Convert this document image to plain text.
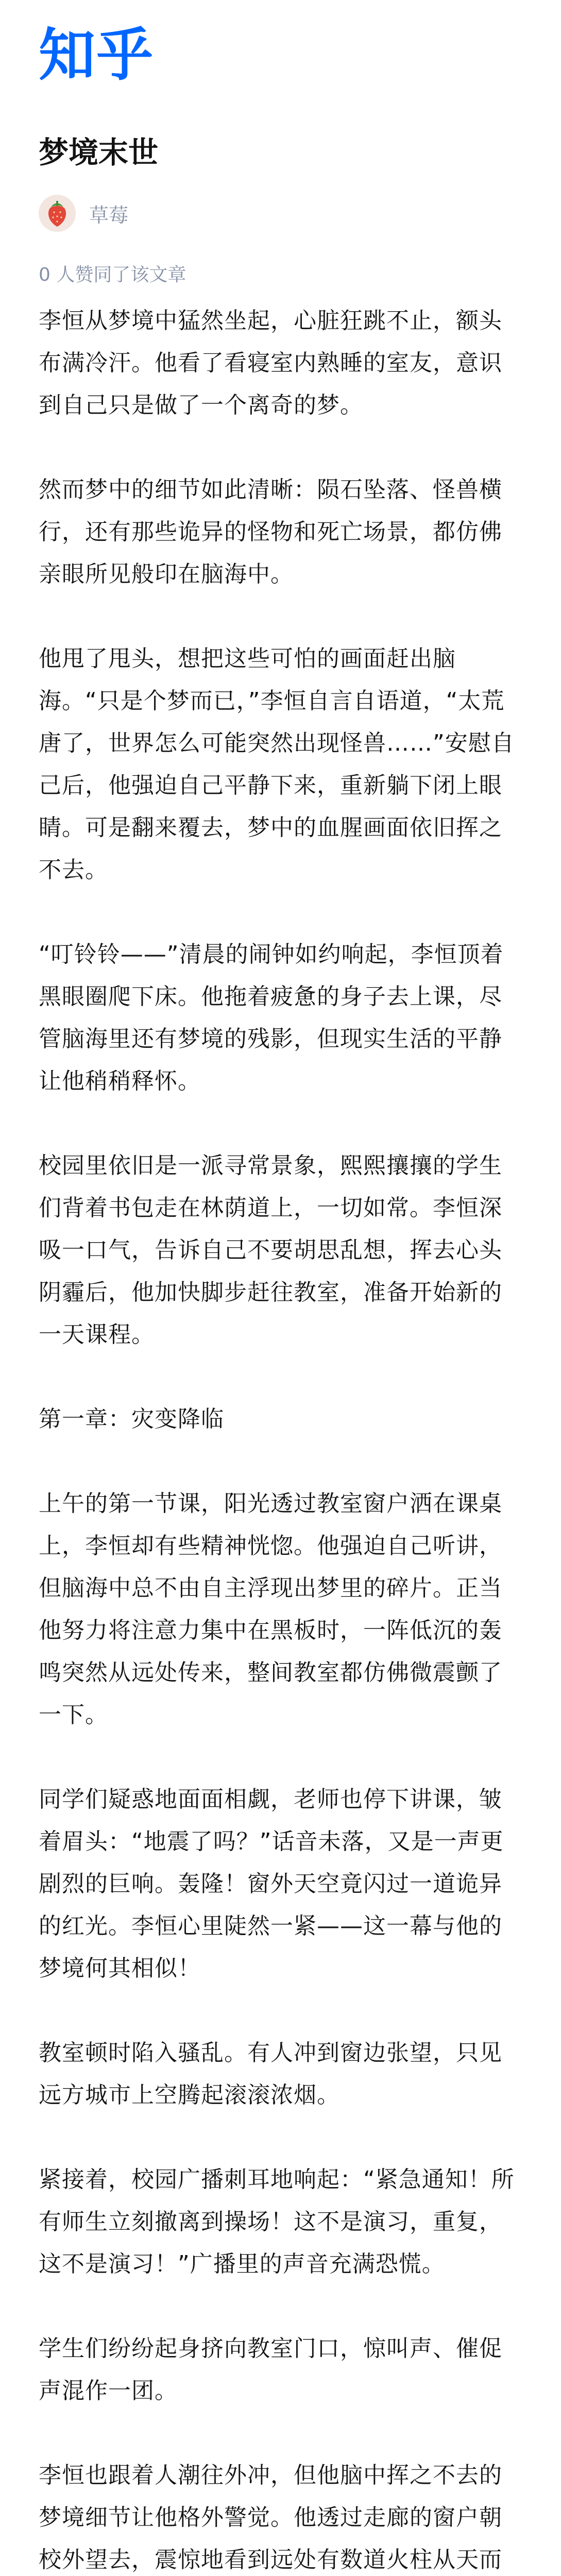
知乎
梦境末世
草莓
0 人赞同了该文章

李恒从梦境中猛然坐起，心脏狂跳不止，额头布满冷汗。他看了看寝室内熟睡的室友，意识到自己只是做了一个离奇的梦。

然而梦中的细节如此清晰：陨石坠落、怪兽横行，还有那些诡异的怪物和死亡场景，都仿佛亲眼所见般印在脑海中。

他甩了甩头，想把这些可怕的画面赶出脑海。“只是个梦而已，”李恒自言自语道，“太荒唐了，世界怎么可能突然出现怪兽……”安慰自己后，他强迫自己平静下来，重新躺下闭上眼睛。可是翻来覆去，梦中的血腥画面依旧挥之不去。

“叮铃铃——”清晨的闹钟如约响起，李恒顶着黑眼圈爬下床。他拖着疲惫的身子去上课，尽管脑海里还有梦境的残影，但现实生活的平静让他稍稍释怀。

校园里依旧是一派寻常景象，熙熙攘攘的学生们背着书包走在林荫道上，一切如常。李恒深吸一口气，告诉自己不要胡思乱想，挥去心头阴霾后，他加快脚步赶往教室，准备开始新的一天课程。

第一章：灾变降临

上午的第一节课，阳光透过教室窗户洒在课桌上，李恒却有些精神恍惚。他强迫自己听讲，但脑海中总不由自主浮现出梦里的碎片。正当他努力将注意力集中在黑板时，一阵低沉的轰鸣突然从远处传来，整间教室都仿佛微震颤了一下。

同学们疑惑地面面相觑，老师也停下讲课，皱着眉头：“地震了吗？”话音未落，又是一声更剧烈的巨响。轰隆！窗外天空竟闪过一道诡异的红光。李恒心里陡然一紧——这一幕与他的梦境何其相似！

教室顿时陷入骚乱。有人冲到窗边张望，只见远方城市上空腾起滚滚浓烟。

紧接着，校园广播刺耳地响起：“紧急通知！所有师生立刻撤离到操场！这不是演习，重复，这不是演习！”广播里的声音充满恐慌。

学生们纷纷起身挤向教室门口，惊叫声、催促声混作一团。

李恒也跟着人潮往外冲，但他脑中挥之不去的梦境细节让他格外警觉。他透过走廊的窗户朝校外望去，震惊地看到远处有数道火柱从天而
